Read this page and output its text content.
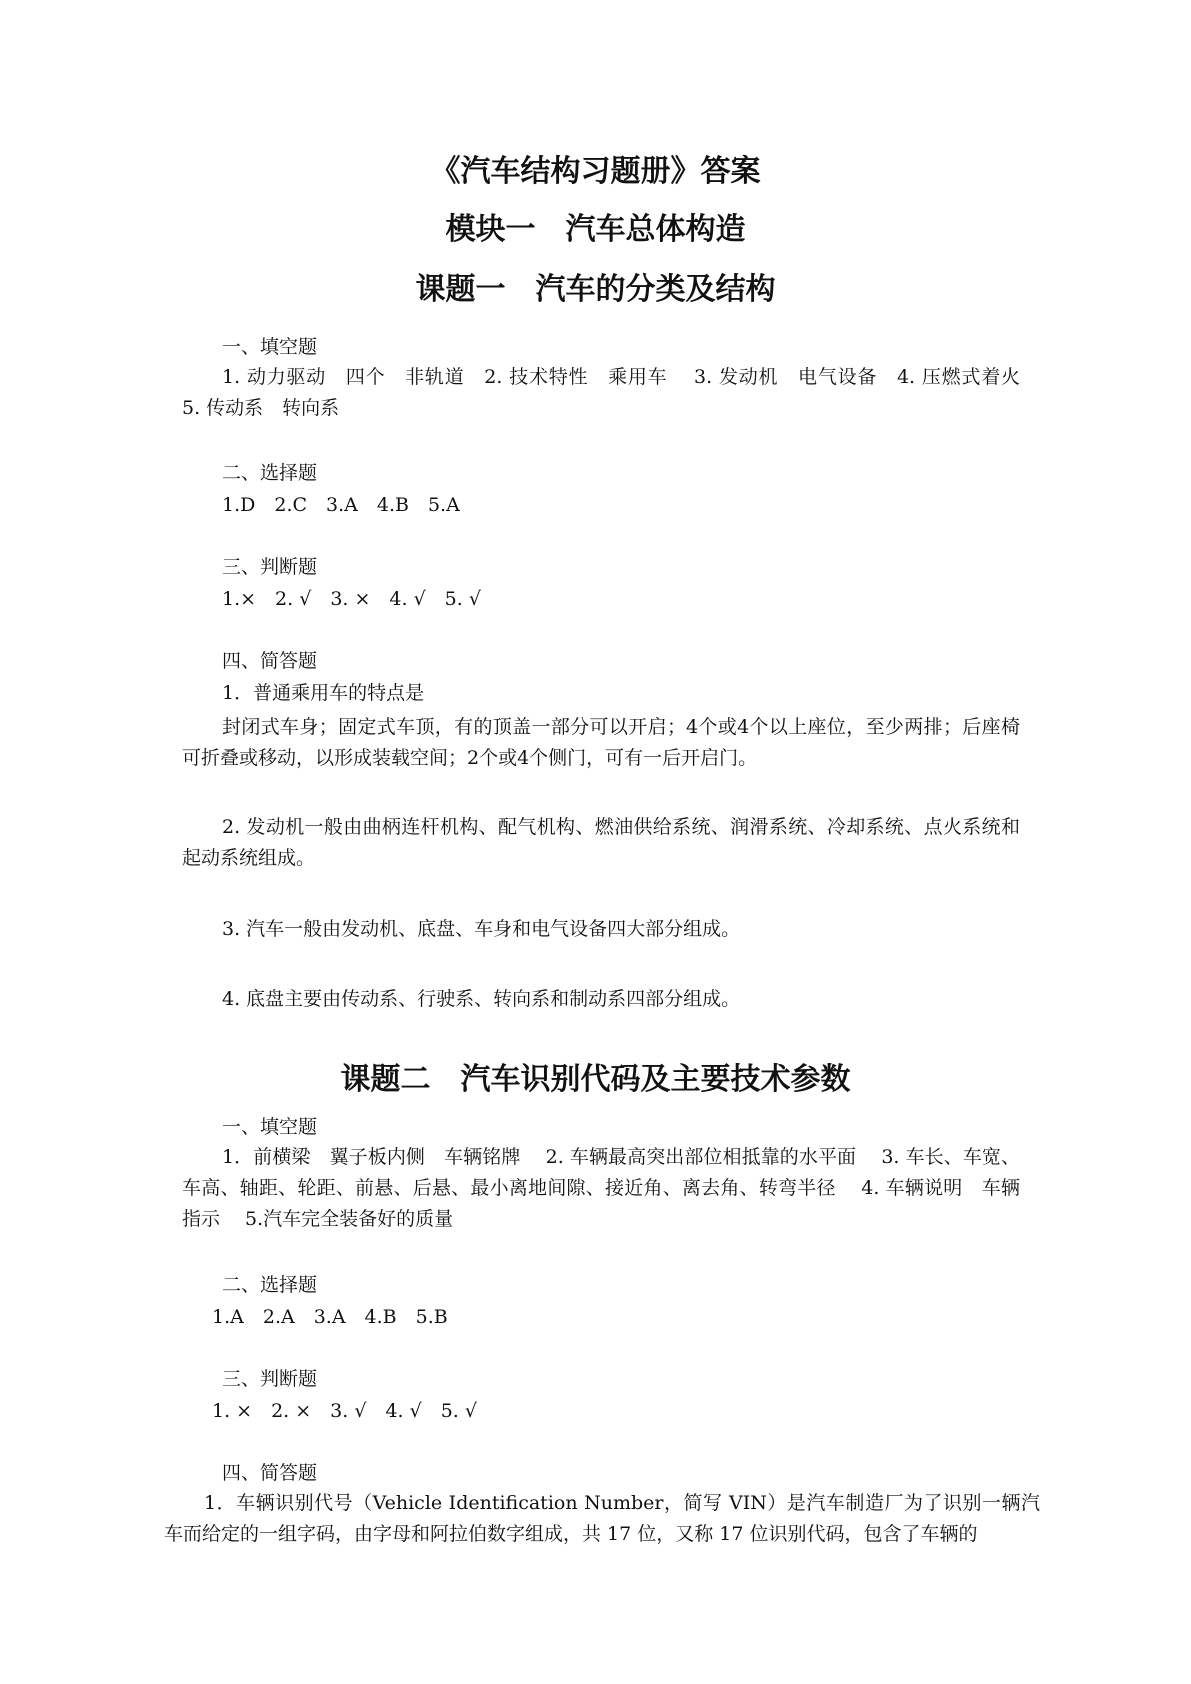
《汽车结构习题册》答案
模块一　汽车总体构造
课题一　汽车的分类及结构
一、填空题
1. 动力驱动　四个　非轨道　2. 技术特性　乘用车　 3. 发动机　电气设备　4. 压燃式着火　 5. 传动系　转向系
二、选择题
1.D　2.C　3.A　4.B　5.A
三、判断题
1.×　2. √　3. ×　4. √　5. √
四、简答题
1．普通乘用车的特点是
封闭式车身；固定式车顶，有的顶盖一部分可以开启；4个或4个以上座位，至少两排；后座椅可折叠或移动，以形成装载空间；2个或4个侧门，可有一后开启门。
2. 发动机一般由曲柄连杆机构、配气机构、燃油供给系统、润滑系统、冷却系统、点火系统和起动系统组成。
3. 汽车一般由发动机、底盘、车身和电气设备四大部分组成。
4. 底盘主要由传动系、行驶系、转向系和制动系四部分组成。
课题二　汽车识别代码及主要技术参数
一、填空题
1．前横梁　翼子板内侧　车辆铭牌　 2. 车辆最高突出部位相抵靠的水平面　 3. 车长、车宽、车高、轴距、轮距、前悬、后悬、最小离地间隙、接近角、离去角、转弯半径　 4. 车辆说明　车辆指示　 5.汽车完全装备好的质量
二、选择题
1.A　2.A　3.A　4.B　5.B
三、判断题
1. ×　2. ×　3. √　4. √　5. √
四、简答题
1．车辆识别代号（Vehicle Identification Number，简写 VIN）是汽车制造厂为了识别一辆汽车而给定的一组字码，由字母和阿拉伯数字组成，共 17 位，又称 17 位识别代码，包含了车辆的
